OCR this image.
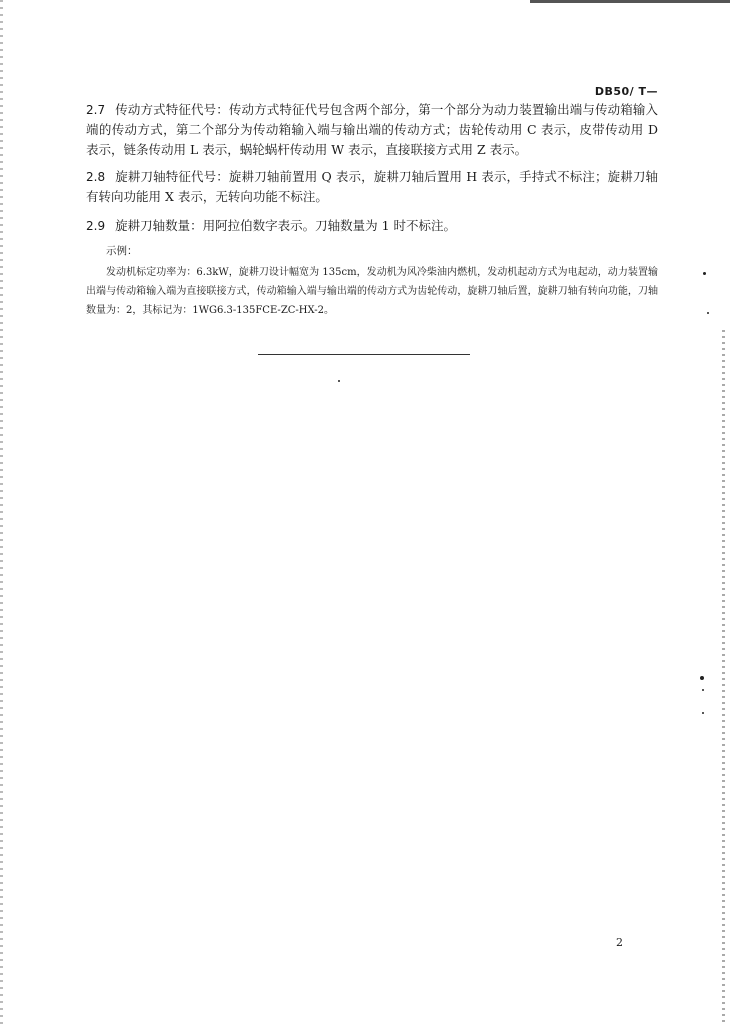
DB50/ T—
2.7 传动方式特征代号：传动方式特征代号包含两个部分，第一个部分为动力装置输出端与传动箱输入端的传动方式，第二个部分为传动箱输入端与输出端的传动方式；齿轮传动用 C 表示，皮带传动用 D 表示，链条传动用 L 表示，蜗轮蜗杆传动用 W 表示，直接联接方式用 Z 表示。
2.8 旋耕刀轴特征代号：旋耕刀轴前置用 Q 表示，旋耕刀轴后置用 H 表示，手持式不标注；旋耕刀轴有转向功能用 X 表示，无转向功能不标注。
2.9 旋耕刀轴数量：用阿拉伯数字表示。刀轴数量为 1 时不标注。
示例：
发动机标定功率为：6.3kW，旋耕刀设计幅宽为 135cm，发动机为风冷柴油内燃机，发动机起动方式为电起动，动力装置输出端与传动箱输入端为直接联接方式，传动箱输入端与输出端的传动方式为齿轮传动，旋耕刀轴后置，旋耕刀轴有转向功能，刀轴数量为：2，其标记为：1WG6.3-135FCE-ZC-HX-2。
2
